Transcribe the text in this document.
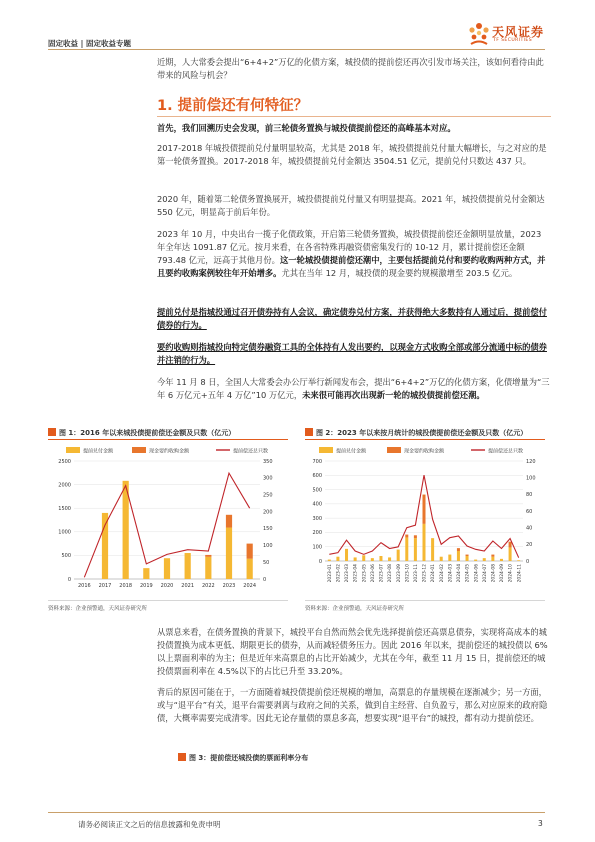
固定收益 | 固定收益专题
天风证券
TF SECURITIES
近期，人大常委会提出“6+4+2”万亿的化债方案，城投债的提前偿还再次引发市场关注，该如何看待由此带来的风险与机会？
1. 提前偿还有何特征？
首先，我们回溯历史会发现，前三轮债务置换与城投债提前偿还的高峰基本对应。
2017-2018 年城投债提前兑付量明显较高，尤其是 2018 年，城投债提前兑付量大幅增长，与之对应的是第一轮债务置换。2017-2018 年，城投债提前兑付金额达 3504.51 亿元，提前兑付只数达 437 只。
2020 年，随着第二轮债务置换展开，城投债提前兑付量又有明显提高。2021 年，城投债提前兑付金额达 550 亿元，明显高于前后年份。
2023 年 10 月，中央出台一揽子化债政策，开启第三轮债务置换，城投债提前偿还金额明显放量，2023 年全年达 1091.87 亿元。按月来看，在各省特殊再融资债密集发行的 10-12 月，累计提前偿还金额 793.48 亿元，远高于其他月份。这一轮城投债提前偿还潮中，主要包括提前兑付和要约收购两种方式，并且要约收购案例较往年开始增多。尤其在当年 12 月，城投债的现金要约规模激增至 203.5 亿元。
提前兑付是指城投通过召开债券持有人会议，确定债券兑付方案，并获得绝大多数持有人通过后，提前偿付债券的行为。
要约收购则指城投向特定债券融资工具的全体持有人发出要约，以现金方式收购全部或部分流通中标的债券并注销的行为。
今年 11 月 8 日，全国人大常委会办公厅举行新闻发布会，提出“6+4+2”万亿的化债方案，化债增量为“三年 6 万亿元+五年 4 万亿”10 万亿元，未来很可能再次出现新一轮的城投债提前偿还潮。
图 1：2016 年以来城投债提前偿还金额及只数（亿元）
提前兑付金额	现金要约收购金额	提前偿还总只数
0
500
1000
1500
2000
2500
0
50
100
150
200
250
300
350
2016 2017 2018 2019 2020 2021 2022 2023 2024
图 2：2023 年以来按月统计的城投债提前偿还金额及只数（亿元）
提前兑付金额	现金要约收购金额	提前偿还总只数
0
100
200
300
400
500
600
700
0
20
40
60
80
100
120
2023-01 2023-02 2023-03 2023-04 2023-05 2023-06 2023-07 2023-08 2023-09 2023-10 2023-11 2023-12 2024-01 2024-02 2024-03 2024-04 2024-05 2024-06 2024-07 2024-08 2024-09 2024-10 2024-11
资料来源：企业预警通，天风证券研究所	资料来源：企业预警通，天风证券研究所
从票息来看，在债务置换的背景下，城投平台自然而然会优先选择提前偿还高票息债券，实现将高成本的城投债置换为成本更低、期限更长的债券，从而减轻债务压力。因此 2016 年以来，提前偿还的城投债以 6%以上票面利率的为主；但是近年来高票息的占比开始减少，尤其在今年，截至 11 月 15 日，提前偿还的城投债票面利率在 4.5%以下的占比已升至 33.20%。
背后的原因可能在于，一方面随着城投债提前偿还规模的增加，高票息的存量规模在逐渐减少；另一方面，或与“退平台”有关，退平台需要剥离与政府之间的关系，做到自主经营、自负盈亏，那么对应原来的政府隐债，大概率需要完成清零。因此无论存量债的票息多高，想要实现“退平台”的城投，都有动力提前偿还。
图 3：提前偿还城投债的票面利率分布
请务必阅读正文之后的信息披露和免责申明	3
